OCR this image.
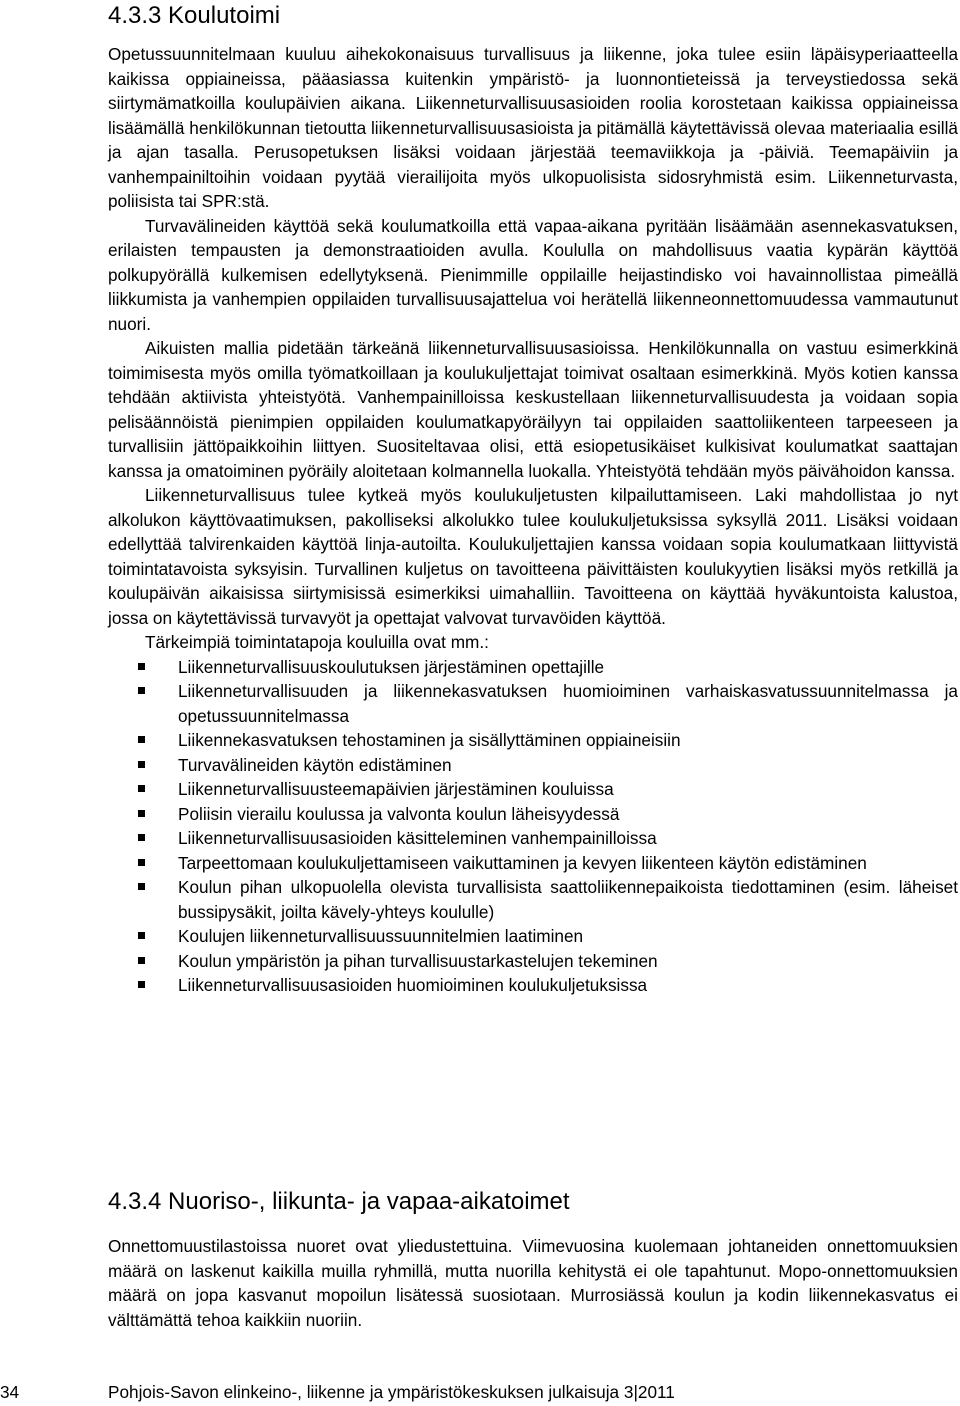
4.3.3 Koulutoimi

Opetussuunnitelmaan kuuluu aihekokonaisuus turvallisuus ja liikenne, joka tulee esiin läpäisyperiaatteella kaikissa oppiaineissa, pääasiassa kuitenkin ympäristö- ja luonnontieteissä ja terveystiedossa sekä siirtymämatkoilla koulupäivien aikana. Liikenneturvallisuusasioiden roolia korostetaan kaikissa oppiaineissa lisäämällä henkilökunnan tietoutta liikenneturvallisuusasioista ja pitämällä käytettävissä olevaa materiaalia esillä ja ajan tasalla. Perusopetuksen lisäksi voidaan järjestää teemaviikkoja ja -päiviä. Teemapäiviin ja vanhempainiltoihin voidaan pyytää vierailijoita myös ulkopuolisista sidosryhmistä esim. Liikenneturvasta, poliisista tai SPR:stä.

Turvavälineiden käyttöä sekä koulumatkoilla että vapaa-aikana pyritään lisäämään asennekasvatuksen, erilaisten tempausten ja demonstraatioiden avulla. Koululla on mahdollisuus vaatia kypärän käyttöä polkupyörällä kulkemisen edellytyksenä. Pienimmille oppilaille heijastindisko voi havainnollistaa pimeällä liikkumista ja vanhempien oppilaiden turvallisuusajattelua voi herätellä liikenneonnettomuudessa vammautunut nuori.

Aikuisten mallia pidetään tärkeänä liikenneturvallisuusasioissa. Henkilökunnalla on vastuu esimerkkinä toimimisesta myös omilla työmatkoillaan ja koulukuljettajat toimivat osaltaan esimerkkinä. Myös kotien kanssa tehdään aktiivista yhteistyötä. Vanhempainilloissa keskustellaan liikenneturvallisuudesta ja voidaan sopia pelisäännöistä pienimpien oppilaiden koulumatkapyöräilyyn tai oppilaiden saattoliikenteen tarpeeseen ja turvallisiin jättöpaikkoihin liittyen. Suositeltavaa olisi, että esiopetusikäiset kulkisivat koulumatkat saattajan kanssa ja omatoiminen pyöräily aloitetaan kolmannella luokalla. Yhteistyötä tehdään myös päivähoidon kanssa.

Liikenneturvallisuus tulee kytkeä myös koulukuljetusten kilpailuttamiseen. Laki mahdollistaa jo nyt alkolukon käyttövaatimuksen, pakolliseksi alkolukko tulee koulukuljetuksissa syksyllä 2011. Lisäksi voidaan edellyttää talvirenkaiden käyttöä linja-autoilta. Koulukuljettajien kanssa voidaan sopia koulumatkaan liittyvistä toimintatavoista syksyisin. Turvallinen kuljetus on tavoitteena päivittäisten koulukyytien lisäksi myös retkillä ja koulupäivän aikaisissa siirtymisissä esimerkiksi uimahalliin. Tavoitteena on käyttää hyväkuntoista kalustoa, jossa on käytettävissä turvavyöt ja opettajat valvovat turvavöiden käyttöä.

Tärkeimpiä toimintatapoja kouluilla ovat mm.:

Liikenneturvallisuuskoulutuksen järjestäminen opettajille
Liikenneturvallisuuden ja liikennekasvatuksen huomioiminen varhaiskasvatussuunnitelmassa ja opetussuunnitelmassa
Liikennekasvatuksen tehostaminen ja sisällyttäminen oppiaineisiin
Turvavälineiden käytön edistäminen
Liikenneturvallisuusteemapäivien järjestäminen kouluissa
Poliisin vierailu koulussa ja valvonta koulun läheisyydessä
Liikenneturvallisuusasioiden käsitteleminen vanhempainilloissa
Tarpeettomaan koulukuljettamiseen vaikuttaminen ja kevyen liikenteen käytön edistäminen
Koulun pihan ulkopuolella olevista turvallisista saattoliikennepaikoista tiedottaminen (esim. läheiset bussipysäkit, joilta kävely-yhteys koululle)
Koulujen liikenneturvallisuussuunnitelmien laatiminen
Koulun ympäristön ja pihan turvallisuustarkastelujen tekeminen
Liikenneturvallisuusasioiden huomioiminen koulukuljetuksissa
4.3.4 Nuoriso-, liikunta- ja vapaa-aikatoimet

Onnettomuustilastoissa nuoret ovat yliedustettuina. Viimevuosina kuolemaan johtaneiden onnettomuuksien määrä on laskenut kaikilla muilla ryhmillä, mutta nuorilla kehitystä ei ole tapahtunut. Mopo-onnettomuuksien määrä on jopa kasvanut mopoilun lisätessä suosiotaan. Murrosiässä koulun ja kodin liikennekasvatus ei välttämättä tehoa kaikkiin nuoriin.

34	Pohjois-Savon elinkeino-, liikenne ja ympäristökeskuksen julkaisuja 3|2011
